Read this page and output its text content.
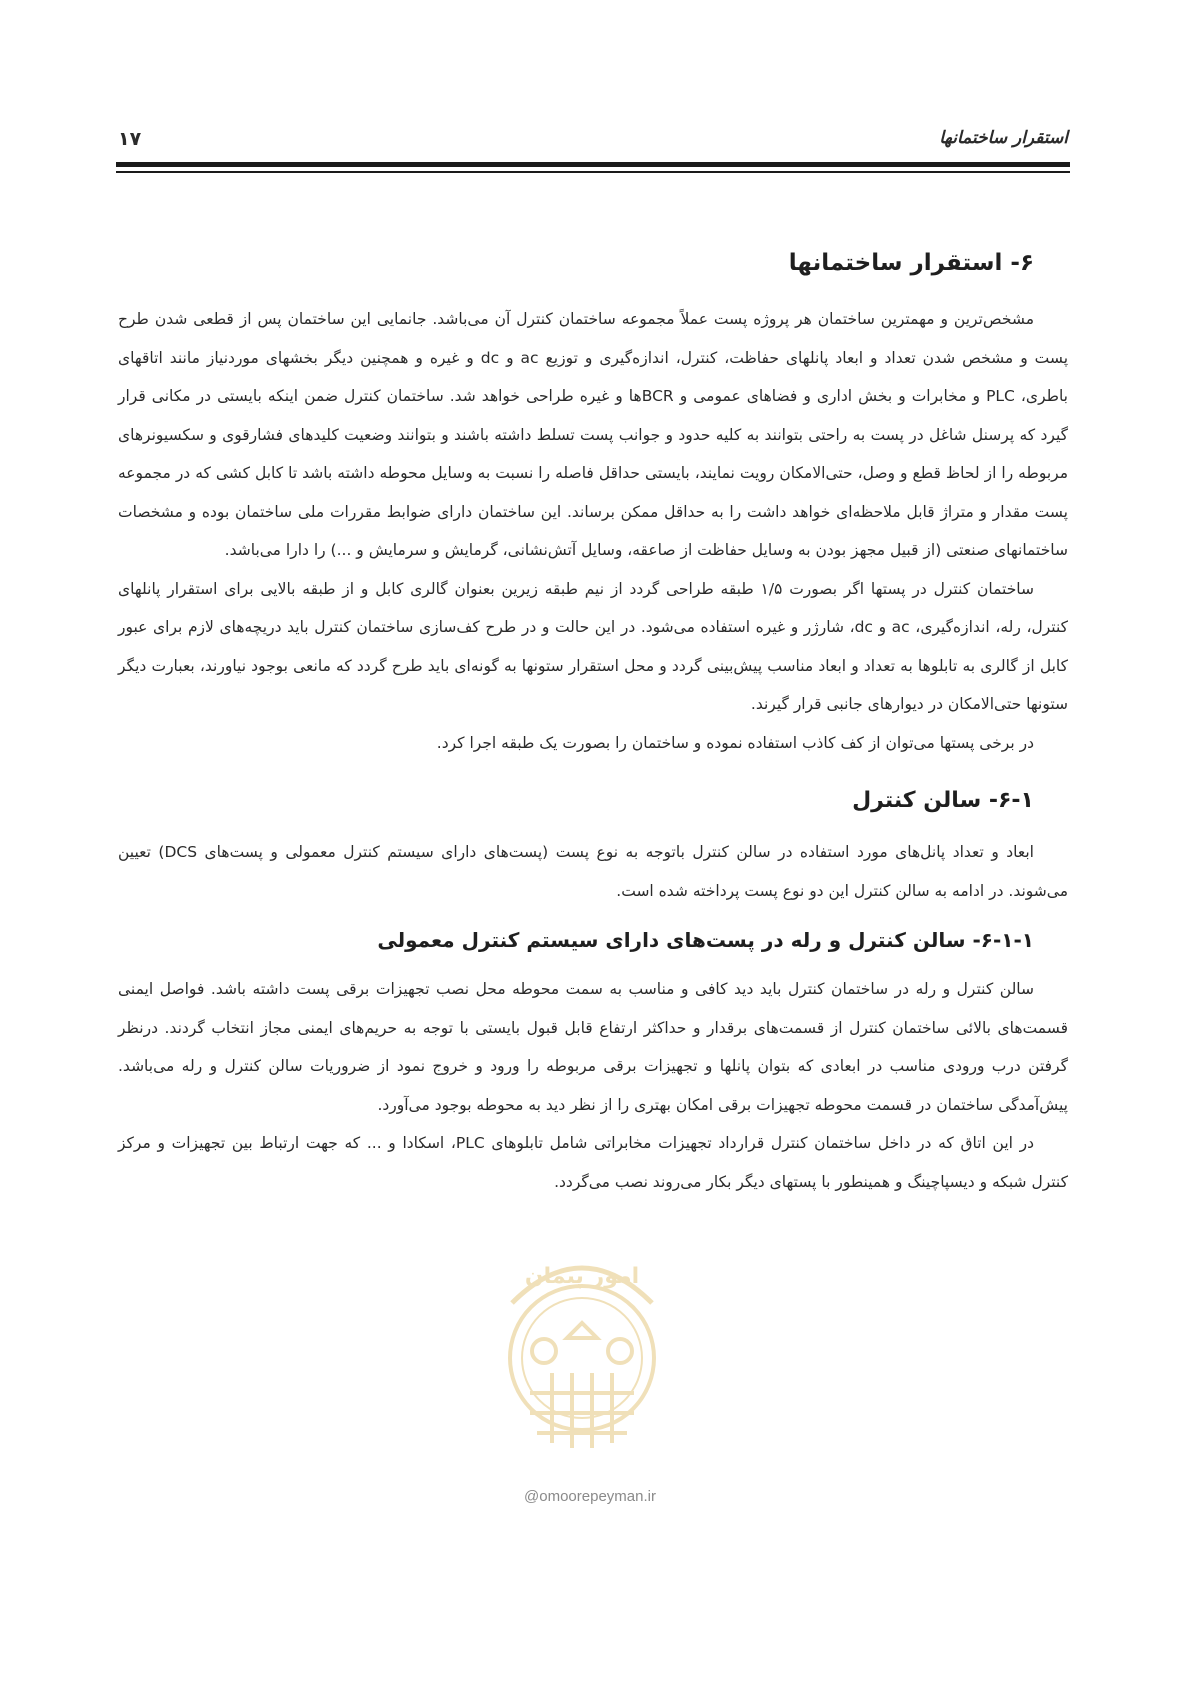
استقرار ساختمانها
۱۷
۶- استقرار ساختمانها

مشخص‌ترین و مهمترین ساختمان هر پروژه پست عملاً مجموعه ساختمان کنترل آن می‌باشد. جانمایی این ساختمان پس از قطعی شدن طرح پست و مشخص شدن تعداد و ابعاد پانلهای حفاظت، کنترل، اندازه‌گیری و توزیع ac و dc و غیره و همچنین دیگر بخشهای موردنیاز مانند اتاقهای باطری، PLC و مخابرات و بخش اداری و فضاهای عمومی و BCRها و غیره طراحی خواهد شد. ساختمان کنترل ضمن اینکه بایستی در مکانی قرار گیرد که پرسنل شاغل در پست به راحتی بتوانند به کلیه حدود و جوانب پست تسلط داشته باشند و بتوانند وضعیت کلیدهای فشارقوی و سکسیونرهای مربوطه را از لحاظ قطع و وصل، حتی‌الامکان رویت نمایند، بایستی حداقل فاصله را نسبت به وسایل محوطه داشته باشد تا کابل کشی که در مجموعه پست مقدار و متراژ قابل ملاحظه‌ای خواهد داشت را به حداقل ممکن برساند. این ساختمان دارای ضوابط مقررات ملی ساختمان بوده و مشخصات ساختمانهای صنعتی (از قبیل مجهز بودن به وسایل حفاظت از صاعقه، وسایل آتش‌نشانی، گرمایش و سرمایش و ...) را دارا می‌باشد.

ساختمان کنترل در پستها اگر بصورت ۱/۵ طبقه طراحی گردد از نیم طبقه زیرین بعنوان گالری کابل و از طبقه بالایی برای استقرار پانلهای کنترل، رله، اندازه‌گیری، ac و dc، شارژر و غیره استفاده می‌شود. در این حالت و در طرح کف‌سازی ساختمان کنترل باید دریچه‌های لازم برای عبور کابل از گالری به تابلوها به تعداد و ابعاد مناسب پیش‌بینی گردد و محل استقرار ستونها به گونه‌ای باید طرح گردد که مانعی بوجود نیاورند، بعبارت دیگر ستونها حتی‌الامکان در دیوارهای جانبی قرار گیرند.

در برخی پستها می‌توان از کف کاذب استفاده نموده و ساختمان را بصورت یک طبقه اجرا کرد.

۶-۱- سالن کنترل

ابعاد و تعداد پانل‌های مورد استفاده در سالن کنترل باتوجه به نوع پست (پست‌های دارای سیستم کنترل معمولی و پست‌های DCS) تعیین می‌شوند. در ادامه به سالن کنترل این دو نوع پست پرداخته شده است.

۶-۱-۱- سالن کنترل و رله در پست‌های دارای سیستم کنترل معمولی

سالن کنترل و رله در ساختمان کنترل باید دید کافی و مناسب به سمت محوطه محل نصب تجهیزات برقی پست داشته باشد. فواصل ایمنی قسمت‌های بالائی ساختمان کنترل از قسمت‌های برقدار و حداکثر ارتفاع قابل قبول بایستی با توجه به حریم‌های ایمنی مجاز انتخاب گردند. درنظر گرفتن درب ورودی مناسب در ابعادی که بتوان پانلها و تجهیزات برقی مربوطه را ورود و خروج نمود از ضروریات سالن کنترل و رله می‌باشد. پیش‌آمدگی ساختمان در قسمت محوطه تجهیزات برقی امکان بهتری را از نظر دید به محوطه بوجود می‌آورد.

در این اتاق که در داخل ساختمان کنترل قرارداد تجهیزات مخابراتی شامل تابلوهای PLC، اسکادا و ... که جهت ارتباط بین تجهیزات و مرکز کنترل شبکه و دیسپاچینگ و همینطور با پستهای دیگر بکار می‌روند نصب می‌گردد.

امور پیمان
@omoorepeyman.ir
